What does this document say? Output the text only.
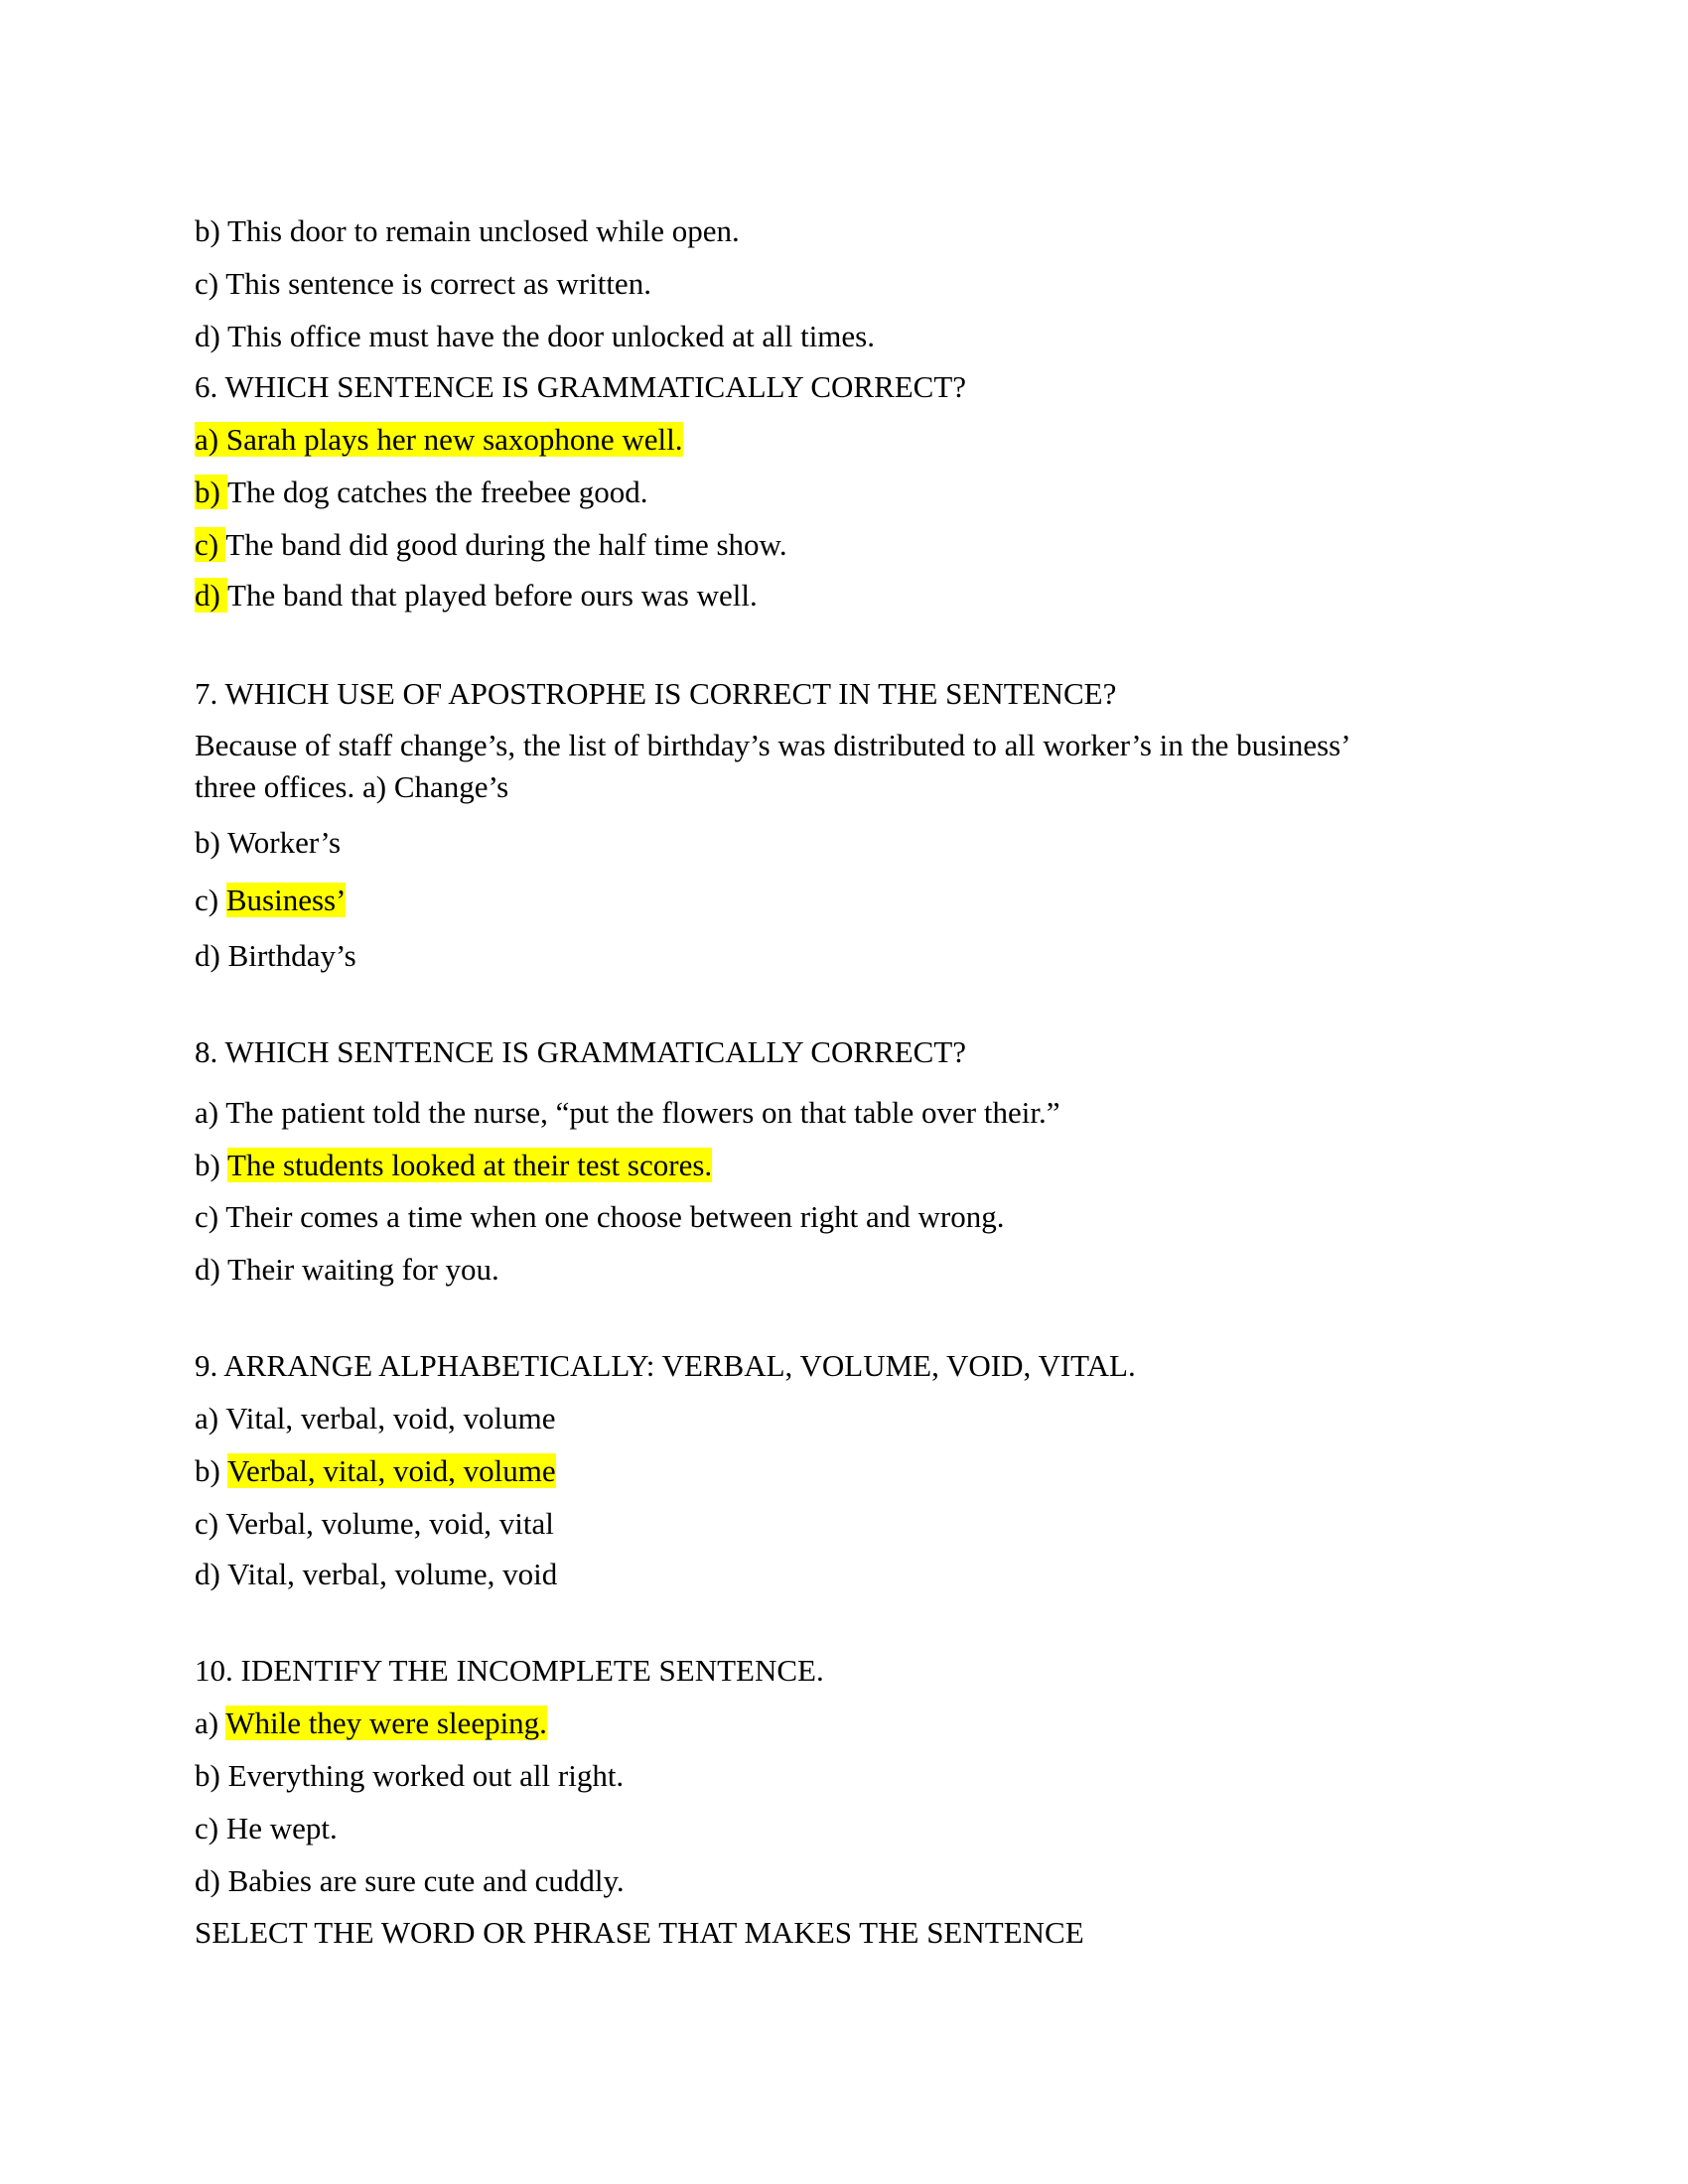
b) This door to remain unclosed while open.
c) This sentence is correct as written.
d) This office must have the door unlocked at all times.
6. WHICH SENTENCE IS GRAMMATICALLY CORRECT?
a) Sarah plays her new saxophone well.
b) The dog catches the freebee good.
c) The band did good during the half time show.
d) The band that played before ours was well.
7. WHICH USE OF APOSTROPHE IS CORRECT IN THE SENTENCE?
Because of staff change’s, the list of birthday’s was distributed to all worker’s in the business’
three offices. a) Change’s
b) Worker’s
c) Business’
d) Birthday’s
8. WHICH SENTENCE IS GRAMMATICALLY CORRECT?
a) The patient told the nurse, “put the flowers on that table over their.”
b) The students looked at their test scores.
c) Their comes a time when one choose between right and wrong.
d) Their waiting for you.
9. ARRANGE ALPHABETICALLY: VERBAL, VOLUME, VOID, VITAL.
a) Vital, verbal, void, volume
b) Verbal, vital, void, volume
c) Verbal, volume, void, vital
d) Vital, verbal, volume, void
10. IDENTIFY THE INCOMPLETE SENTENCE.
a) While they were sleeping.
b) Everything worked out all right.
c) He wept.
d) Babies are sure cute and cuddly.
SELECT THE WORD OR PHRASE THAT MAKES THE SENTENCE
